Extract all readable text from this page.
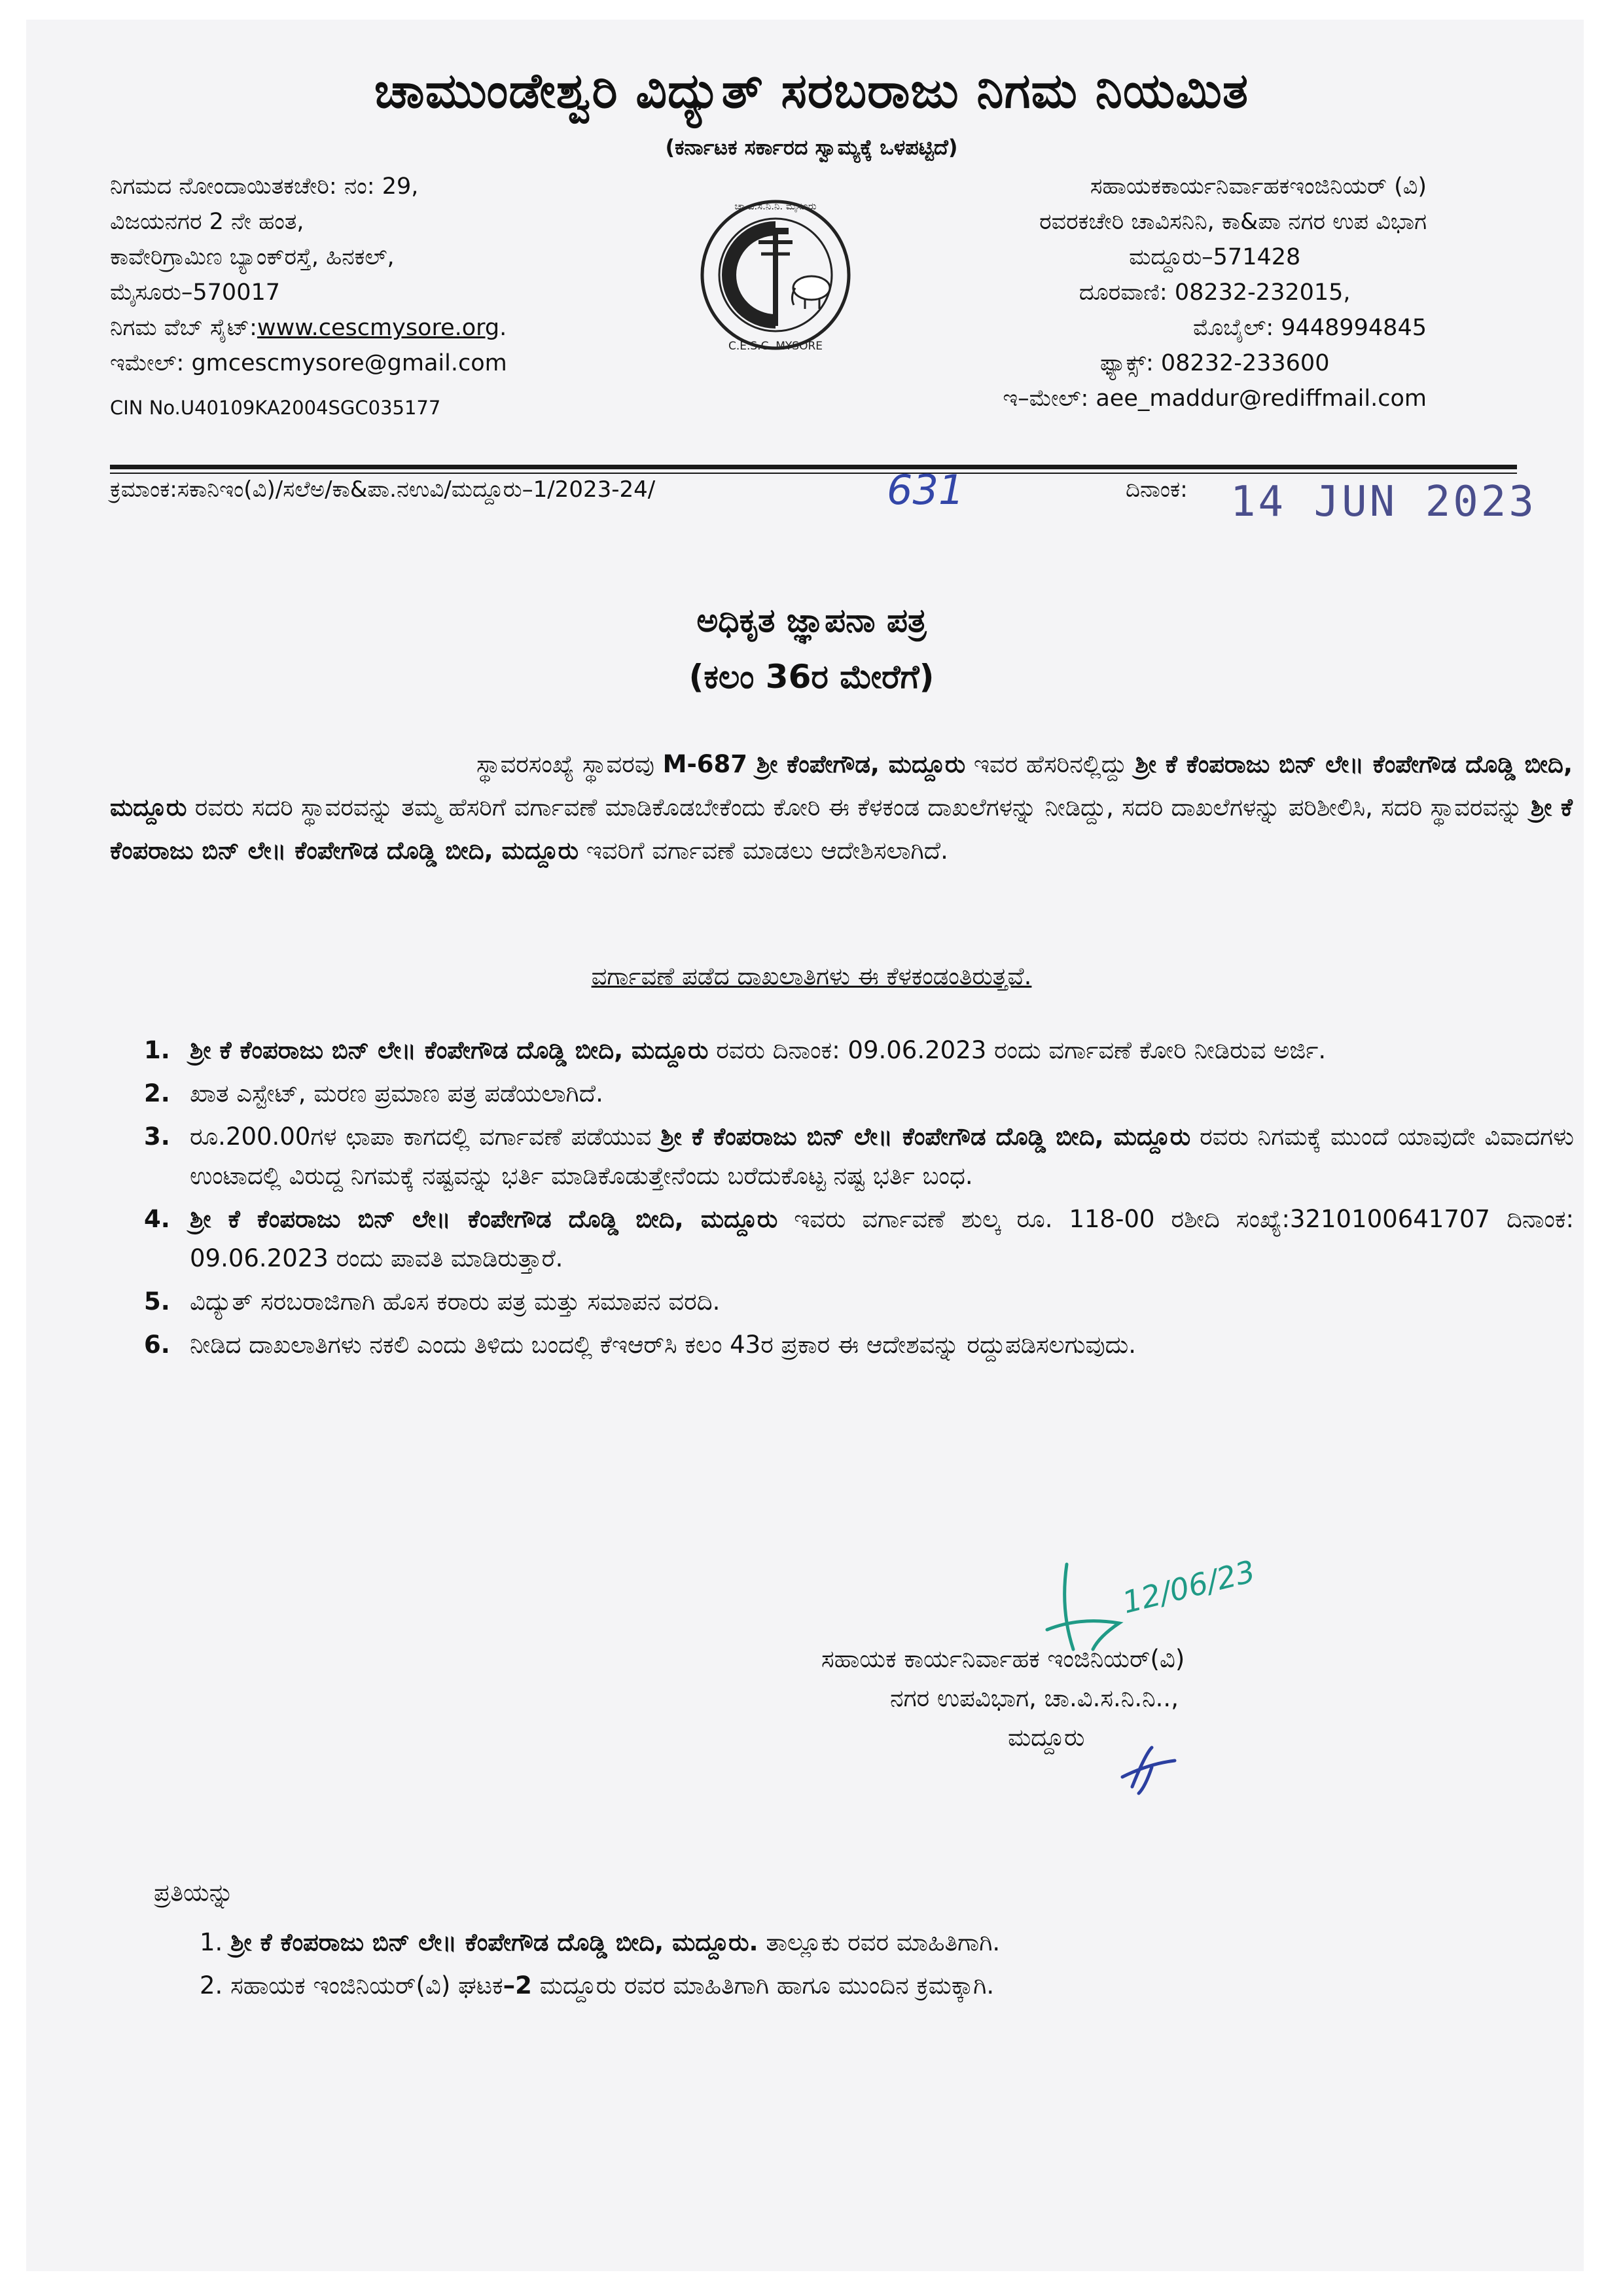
ಚಾಮುಂಡೇಶ್ವರಿ ವಿದ್ಯುತ್ ಸರಬರಾಜು ನಿಗಮ ನಿಯಮಿತ
(ಕರ್ನಾಟಕ ಸರ್ಕಾರದ ಸ್ವಾಮ್ಯಕ್ಕೆ ಒಳಪಟ್ಟಿದೆ)
ನಿಗಮದ ನೋಂದಾಯಿತಕಚೇರಿ: ನಂ: 29,
ವಿಜಯನಗರ 2 ನೇ ಹಂತ,
ಕಾವೇರಿಗ್ರಾಮಿಣ ಬ್ಯಾಂಕ್‌ರಸ್ತೆ, ಹಿನಕಲ್,
ಮೈಸೂರು–570017
ನಿಗಮ ವೆಬ್ ಸೈಟ್:www.cescmysore.org.
ಇಮೇಲ್: gmcescmysore@gmail.com
CIN No.U40109KA2004SGC035177
C.E.S.C. MYSORE
ಚಾ.ವಿ.ಸ.ನಿ.ನಿ. ಮೈಸೂರು
ಸಹಾಯಕಕಾರ್ಯನಿರ್ವಾಹಕಇಂಜಿನಿಯರ್ (ವಿ)
ರವರಕಚೇರಿ ಚಾವಿಸನಿನಿ, ಕಾ&ಪಾ ನಗರ ಉಪ ವಿಭಾಗ
ಮದ್ದೂರು–571428
ದೂರವಾಣಿ: 08232-232015,
ಮೊಬೈಲ್: 9448994845
ಫ್ಯಾಕ್ಸ್: 08232-233600
ಇ–ಮೇಲ್: aee_maddur@rediffmail.com
ಕ್ರಮಾಂಕ:ಸಕಾನಿಇಂ(ವಿ)/ಸಲೆಅ/ಕಾ&ಪಾ.ನಉವಿ/ಮದ್ದೂರು–1/2023-24/	631	ದಿನಾಂಕ: 14 JUN 2023
ಅಧಿಕೃತ ಜ್ಞಾಪನಾ ಪತ್ರ
(ಕಲಂ 36ರ ಮೇರೆಗೆ)
ಸ್ಥಾವರಸಂಖ್ಯೆ ಸ್ಥಾವರವು M-687 ಶ್ರೀ ಕೆಂಪೇಗೌಡ, ಮದ್ದೂರು ಇವರ ಹೆಸರಿನಲ್ಲಿದ್ದು ಶ್ರೀ ಕೆ ಕೆಂಪರಾಜು ಬಿನ್ ಲೇ॥ ಕೆಂಪೇಗೌಡ ದೊಡ್ಡಿ ಬೀದಿ, ಮದ್ದೂರು ರವರು ಸದರಿ ಸ್ಥಾವರವನ್ನು ತಮ್ಮ ಹೆಸರಿಗೆ ವರ್ಗಾವಣೆ ಮಾಡಿಕೊಡಬೇಕೆಂದು ಕೋರಿ ಈ ಕೆಳಕಂಡ ದಾಖಲೆಗಳನ್ನು ನೀಡಿದ್ದು, ಸದರಿ ದಾಖಲೆಗಳನ್ನು ಪರಿಶೀಲಿಸಿ, ಸದರಿ ಸ್ಥಾವರವನ್ನು ಶ್ರೀ ಕೆ ಕೆಂಪರಾಜು ಬಿನ್ ಲೇ॥ ಕೆಂಪೇಗೌಡ ದೊಡ್ಡಿ ಬೀದಿ, ಮದ್ದೂರು ಇವರಿಗೆ ವರ್ಗಾವಣೆ ಮಾಡಲು ಆದೇಶಿಸಲಾಗಿದೆ.
ವರ್ಗಾವಣೆ ಪಡೆದ ದಾಖಲಾತಿಗಳು ಈ ಕೆಳಕಂಡಂತಿರುತ್ತವೆ.
1. ಶ್ರೀ ಕೆ ಕೆಂಪರಾಜು ಬಿನ್ ಲೇ॥ ಕೆಂಪೇಗೌಡ ದೊಡ್ಡಿ ಬೀದಿ, ಮದ್ದೂರು ರವರು ದಿನಾಂಕ: 09.06.2023 ರಂದು ವರ್ಗಾವಣೆ ಕೋರಿ ನೀಡಿರುವ ಅರ್ಜಿ.
2. ಖಾತ ಎಸ್ಟೇಟ್, ಮರಣ ಪ್ರಮಾಣ ಪತ್ರ ಪಡೆಯಲಾಗಿದೆ.
3. ರೂ.200.00ಗಳ ಛಾಪಾ ಕಾಗದಲ್ಲಿ ವರ್ಗಾವಣೆ ಪಡೆಯುವ ಶ್ರೀ ಕೆ ಕೆಂಪರಾಜು ಬಿನ್ ಲೇ॥ ಕೆಂಪೇಗೌಡ ದೊಡ್ಡಿ ಬೀದಿ, ಮದ್ದೂರು ರವರು ನಿಗಮಕ್ಕೆ ಮುಂದೆ ಯಾವುದೇ ವಿವಾದಗಳು ಉಂಟಾದಲ್ಲಿ ವಿರುದ್ದ ನಿಗಮಕ್ಕೆ ನಷ್ಟವನ್ನು ಭರ್ತಿ ಮಾಡಿಕೊಡುತ್ತೇನೆಂದು ಬರೆದುಕೊಟ್ಟ ನಷ್ಟ ಭರ್ತಿ ಬಂಧ.
4. ಶ್ರೀ ಕೆ ಕೆಂಪರಾಜು ಬಿನ್ ಲೇ॥ ಕೆಂಪೇಗೌಡ ದೊಡ್ಡಿ ಬೀದಿ, ಮದ್ದೂರು ಇವರು ವರ್ಗಾವಣೆ ಶುಲ್ಕ ರೂ. 118-00 ರಶೀದಿ ಸಂಖ್ಯೆ:3210100641707 ದಿನಾಂಕ: 09.06.2023 ರಂದು ಪಾವತಿ ಮಾಡಿರುತ್ತಾರೆ.
5. ವಿದ್ಯುತ್ ಸರಬರಾಜಿಗಾಗಿ ಹೊಸ ಕರಾರು ಪತ್ರ ಮತ್ತು ಸಮಾಪನ ವರದಿ.
6. ನೀಡಿದ ದಾಖಲಾತಿಗಳು ನಕಲಿ ಎಂದು ತಿಳಿದು ಬಂದಲ್ಲಿ ಕೆಇಆರ್‌ಸಿ ಕಲಂ 43ರ ಪ್ರಕಾರ ಈ ಆದೇಶವನ್ನು ರದ್ದುಪಡಿಸಲಗುವುದು.
12/06/23
ಸಹಾಯಕ ಕಾರ್ಯನಿರ್ವಾಹಕ ಇಂಜಿನಿಯರ್(ವಿ)
ನಗರ ಉಪವಿಭಾಗ, ಚಾ.ವಿ.ಸ.ನಿ.ನಿ..,
ಮದ್ದೂರು
ಪ್ರತಿಯನ್ನು
1. ಶ್ರೀ ಕೆ ಕೆಂಪರಾಜು ಬಿನ್ ಲೇ॥ ಕೆಂಪೇಗೌಡ ದೊಡ್ಡಿ ಬೀದಿ, ಮದ್ದೂರು. ತಾಲ್ಲೂಕು ರವರ ಮಾಹಿತಿಗಾಗಿ.
2. ಸಹಾಯಕ ಇಂಜಿನಿಯರ್(ವಿ) ಘಟಕ–2 ಮದ್ದೂರು ರವರ ಮಾಹಿತಿಗಾಗಿ ಹಾಗೂ ಮುಂದಿನ ಕ್ರಮಕ್ಕಾಗಿ.
